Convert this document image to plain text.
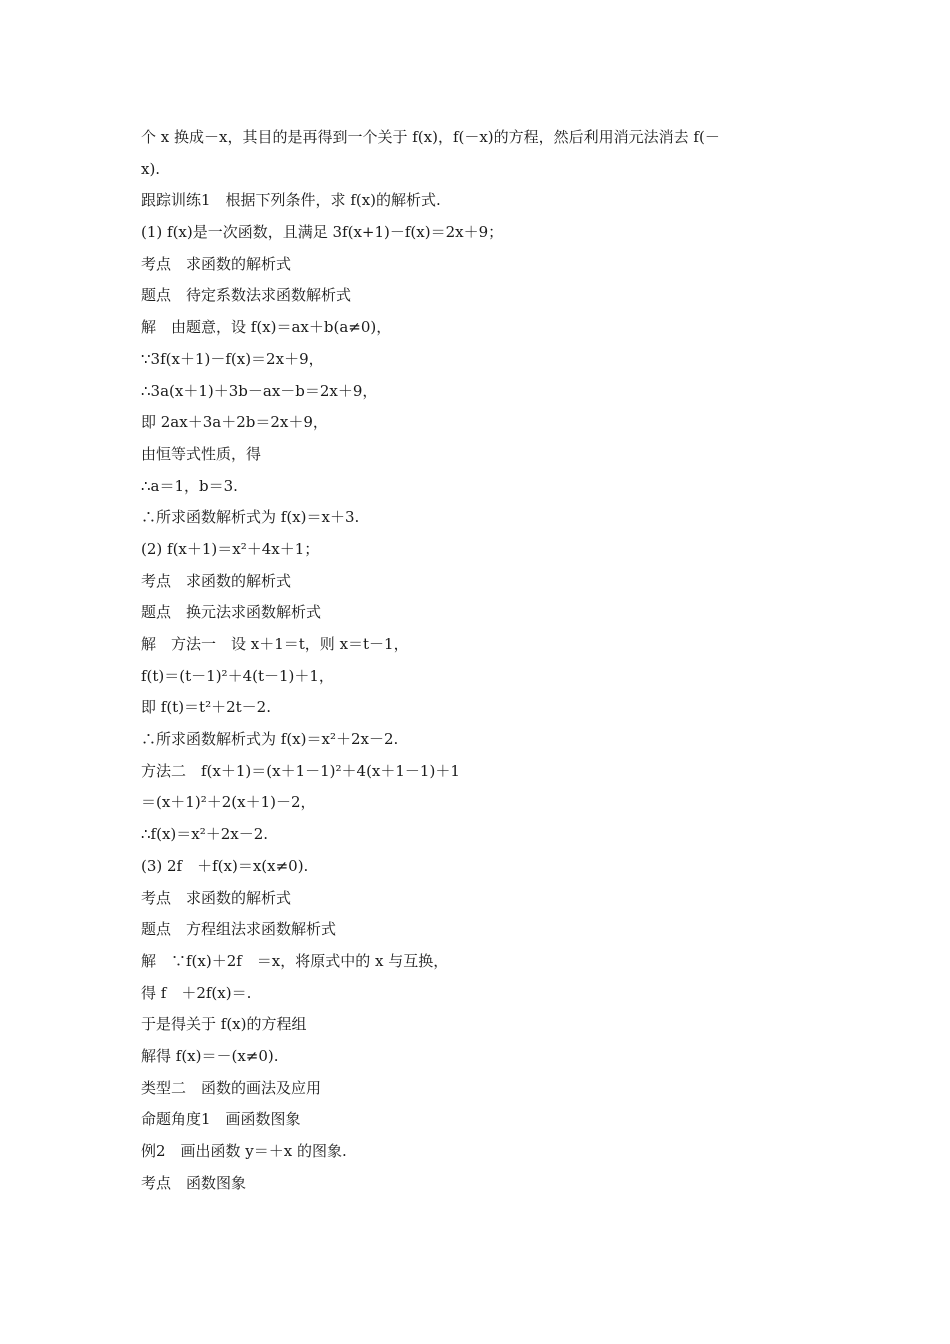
个 x 换成－x，其目的是再得到一个关于 f(x)，f(－x)的方程，然后利用消元法消去 f(－
x).
跟踪训练1　根据下列条件，求 f(x)的解析式.
(1) f(x)是一次函数，且满足 3f(x+1)－f(x)＝2x＋9；
考点　求函数的解析式
题点　待定系数法求函数解析式
解　由题意，设 f(x)＝ax＋b(a≠0)，
∵3f(x＋1)－f(x)＝2x＋9，
∴3a(x＋1)＋3b－ax－b＝2x＋9，
即 2ax＋3a＋2b＝2x＋9，
由恒等式性质，得
∴a＝1，b＝3.
∴所求函数解析式为 f(x)＝x＋3.
(2) f(x＋1)＝x²＋4x＋1；
考点　求函数的解析式
题点　换元法求函数解析式
解　方法一　设 x＋1＝t，则 x＝t－1，
f(t)＝(t－1)²＋4(t－1)＋1，
即 f(t)＝t²＋2t－2.
∴所求函数解析式为 f(x)＝x²＋2x－2.
方法二　f(x＋1)＝(x＋1－1)²＋4(x＋1－1)＋1
＝(x＋1)²＋2(x＋1)－2，
∴f(x)＝x²＋2x－2.
(3) 2f　＋f(x)＝x(x≠0).
考点　求函数的解析式
题点　方程组法求函数解析式
解　∵f(x)＋2f　＝x，将原式中的 x 与互换，
得 f　＋2f(x)＝.
于是得关于 f(x)的方程组
解得 f(x)＝－(x≠0).
类型二　函数的画法及应用
命题角度1　画函数图象
例2　画出函数 y＝＋x 的图象.
考点　函数图象
